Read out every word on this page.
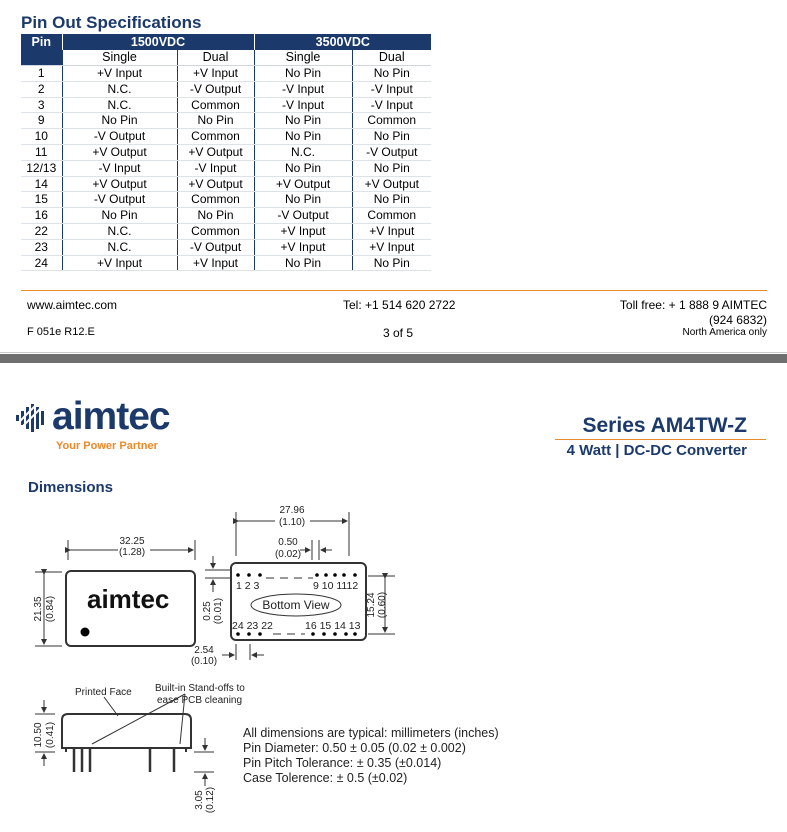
Pin Out Specifications
Pin	1500VDC		3500VDC	
	Single	Dual	Single	Dual
1	+V Input	+V Input	No Pin	No Pin
2	N.C.	-V Output	-V Input	-V Input
3	N.C.	Common	-V Input	-V Input
9	No Pin	No Pin	No Pin	Common
10	-V Output	Common	No Pin	No Pin
11	+V Output	+V Output	N.C.	-V Output
12/13	-V Input	-V Input	No Pin	No Pin
14	+V Output	+V Output	+V Output	+V Output
15	-V Output	Common	No Pin	No Pin
16	No Pin	No Pin	-V Output	Common
22	N.C.	Common	+V Input	+V Input
23	N.C.	-V Output	+V Input	+V Input
24	+V Input	+V Input	No Pin	No Pin
www.aimtec.com	Tel: +1 514 620 2722	Toll free: + 1 888 9 AIMTEC
(924 6832)
North America only
F 051e R12.E	3 of 5
aimtec
Your Power Partner
Series AM4TW-Z
4 Watt | DC-DC Converter
Dimensions
32.25
(1.28)
21.35 (0.84)	0.25 (0.01)
27.96
(1.10)
0.50
(0.02)
15.24 (0.60)
2.54
(0.10)
10.50 (0.41)
3.05 (0.12)
1 2 3	9 10 1112
24 23 22	16 15 14 13
Bottom View
aimtec
Printed Face Built-in Stand-offs to
ease PCB cleaning
All dimensions are typical: millimeters (inches)
Pin Diameter: 0.50 ± 0.05 (0.02 ± 0.002)
Pin Pitch Tolerance: ± 0.35 (±0.014)
Case Tolerence: ± 0.5 (±0.02)
